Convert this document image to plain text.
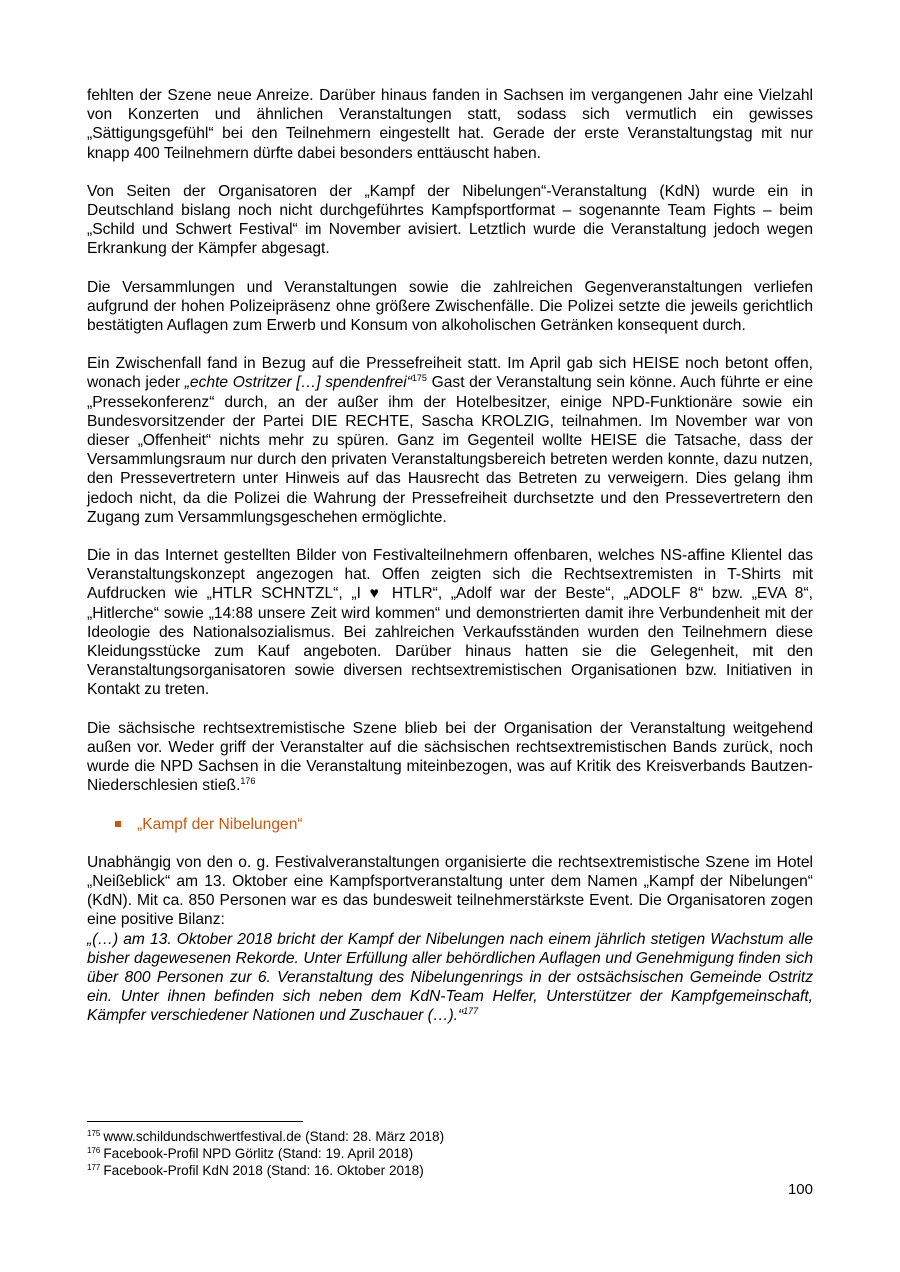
fehlten der Szene neue Anreize. Darüber hinaus fanden in Sachsen im vergangenen Jahr eine Vielzahl von Konzerten und ähnlichen Veranstaltungen statt, sodass sich vermutlich ein gewisses „Sättigungsgefühl“ bei den Teilnehmern eingestellt hat. Gerade der erste Veranstaltungstag mit nur knapp 400 Teilnehmern dürfte dabei besonders enttäuscht haben.

Von Seiten der Organisatoren der „Kampf der Nibelungen“-Veranstaltung (KdN) wurde ein in Deutschland bislang noch nicht durchgeführtes Kampfsportformat – sogenannte Team Fights – beim „Schild und Schwert Festival“ im November avisiert. Letztlich wurde die Veranstaltung jedoch wegen Erkrankung der Kämpfer abgesagt.

Die Versammlungen und Veranstaltungen sowie die zahlreichen Gegenveranstaltungen verliefen aufgrund der hohen Polizeipräsenz ohne größere Zwischenfälle. Die Polizei setzte die jeweils gerichtlich bestätigten Auflagen zum Erwerb und Konsum von alkoholischen Getränken konsequent durch.

Ein Zwischenfall fand in Bezug auf die Pressefreiheit statt. Im April gab sich HEISE noch betont offen, wonach jeder „echte Ostritzer […] spendenfrei“$^{175}$ Gast der Veranstaltung sein könne. Auch führte er eine „Pressekonferenz“ durch, an der außer ihm der Hotelbesitzer, einige NPD-Funktionäre sowie ein Bundesvorsitzender der Partei DIE RECHTE, Sascha KROLZIG, teilnahmen. Im November war von dieser „Offenheit“ nichts mehr zu spüren. Ganz im Gegenteil wollte HEISE die Tatsache, dass der Versammlungsraum nur durch den privaten Veranstaltungsbereich betreten werden konnte, dazu nutzen, den Pressevertretern unter Hinweis auf das Hausrecht das Betreten zu verweigern. Dies gelang ihm jedoch nicht, da die Polizei die Wahrung der Pressefreiheit durchsetzte und den Pressevertretern den Zugang zum Versammlungsgeschehen ermöglichte.

Die in das Internet gestellten Bilder von Festivalteilnehmern offenbaren, welches NS-affine Klientel das Veranstaltungskonzept angezogen hat. Offen zeigten sich die Rechtsextremisten in T-Shirts mit Aufdrucken wie „HTLR SCHNTZL“, „I ♥ HTLR“, „Adolf war der Beste“, „ADOLF 8“ bzw. „EVA 8“, „Hitlerche“ sowie „14:88 unsere Zeit wird kommen“ und demonstrierten damit ihre Verbundenheit mit der Ideologie des Nationalsozialismus. Bei zahlreichen Verkaufsständen wurden den Teilnehmern diese Kleidungsstücke zum Kauf angeboten. Darüber hinaus hatten sie die Gelegenheit, mit den Veranstaltungsorganisatoren sowie diversen rechtsextremistischen Organisationen bzw. Initiativen in Kontakt zu treten.

Die sächsische rechtsextremistische Szene blieb bei der Organisation der Veranstaltung weitgehend außen vor. Weder griff der Veranstalter auf die sächsischen rechtsextremistischen Bands zurück, noch wurde die NPD Sachsen in die Veranstaltung miteinbezogen, was auf Kritik des Kreisverbands Bautzen-Niederschlesien stieß.$^{176}$

„Kampf der Nibelungen“

Unabhängig von den o. g. Festivalveranstaltungen organisierte die rechtsextremistische Szene im Hotel „Neißeblick“ am 13. Oktober eine Kampfsportveranstaltung unter dem Namen „Kampf der Nibelungen“ (KdN). Mit ca. 850 Personen war es das bundesweit teilnehmerstärkste Event. Die Organisatoren zogen eine positive Bilanz:

„(…) am 13. Oktober 2018 bricht der Kampf der Nibelungen nach einem jährlich stetigen Wachstum alle bisher dagewesenen Rekorde. Unter Erfüllung aller behördlichen Auflagen und Genehmigung finden sich über 800 Personen zur 6. Veranstaltung des Nibelungenrings in der ostsächsischen Gemeinde Ostritz ein. Unter ihnen befinden sich neben dem KdN-Team Helfer, Unterstützer der Kampfgemeinschaft, Kämpfer verschiedener Nationen und Zuschauer (…).“$^{177}$

$^{175}$ www.schildundschwertfestival.de (Stand: 28. März 2018)
$^{176}$ Facebook-Profil NPD Görlitz (Stand: 19. April 2018)
$^{177}$ Facebook-Profil KdN 2018 (Stand: 16. Oktober 2018)
100
